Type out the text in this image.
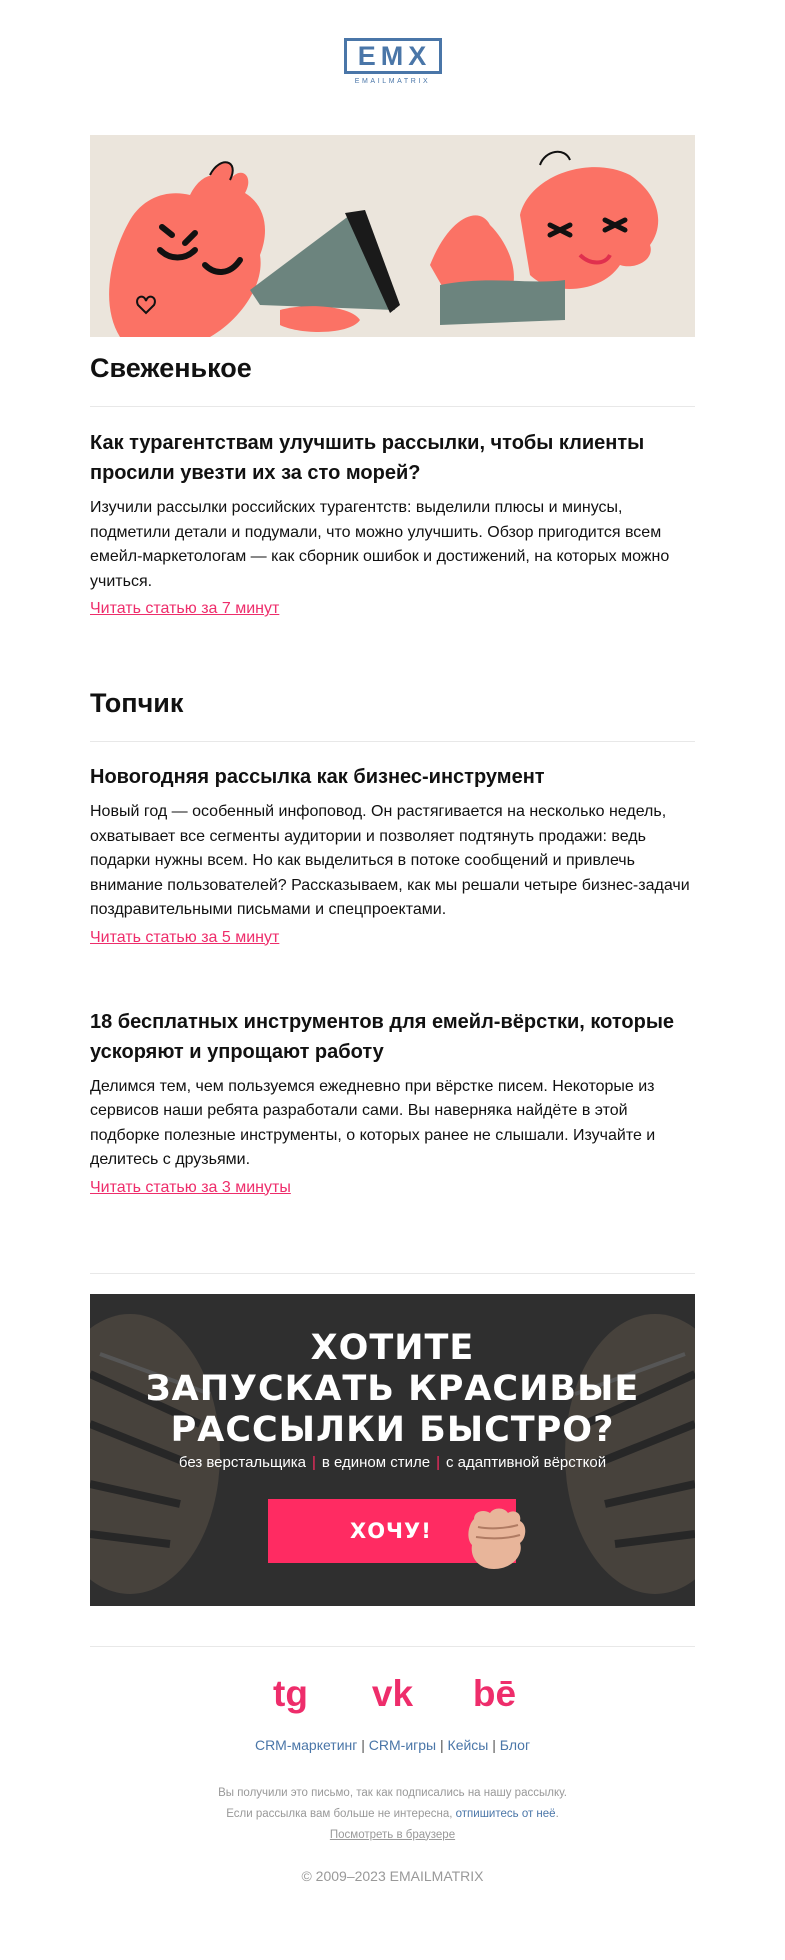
EMX
EMAILMATRIX
Свеженькое
Как турагентствам улучшить рассылки, чтобы клиенты просили увезти их за сто морей?
Изучили рассылки российских турагентств: выделили плюсы и минусы, подметили детали и подумали, что можно улучшить. Обзор пригодится всем емейл-маркетологам — как сборник ошибок и достижений, на которых можно учиться.
Читать статью за 7 минут
Топчик
Новогодняя рассылка как бизнес-инструмент
Новый год — особенный инфоповод. Он растягивается на несколько недель, охватывает все сегменты аудитории и позволяет подтянуть продажи: ведь подарки нужны всем. Но как выделиться в потоке сообщений и привлечь внимание пользователей? Рассказываем, как мы решали четыре бизнес-задачи поздравительными письмами и спецпроектами.
Читать статью за 5 минут
18 бесплатных инструментов для емейл-вёрстки, которые ускоряют и упрощают работу
Делимся тем, чем пользуемся ежедневно при вёрстке писем. Некоторые из сервисов наши ребята разработали сами. Вы наверняка найдёте в этой подборке полезные инструменты, о которых ранее не слышали. Изучайте и делитесь с друзьями.
Читать статью за 3 минуты
ХОТИТЕ
ЗАПУСКАТЬ КРАСИВЫЕ
РАССЫЛКИ БЫСТРО?
без верстальщика | в едином стиле | с адаптивной вёрсткой
ХОЧУ!
tg	vk	bē
CRM-маркетинг | CRM-игры | Кейсы | Блог
Вы получили это письмо, так как подписались на нашу рассылку.
Если рассылка вам больше не интересна, отпишитесь от неё.
Посмотреть в браузере
© 2009–2023 EMAILMATRIX
